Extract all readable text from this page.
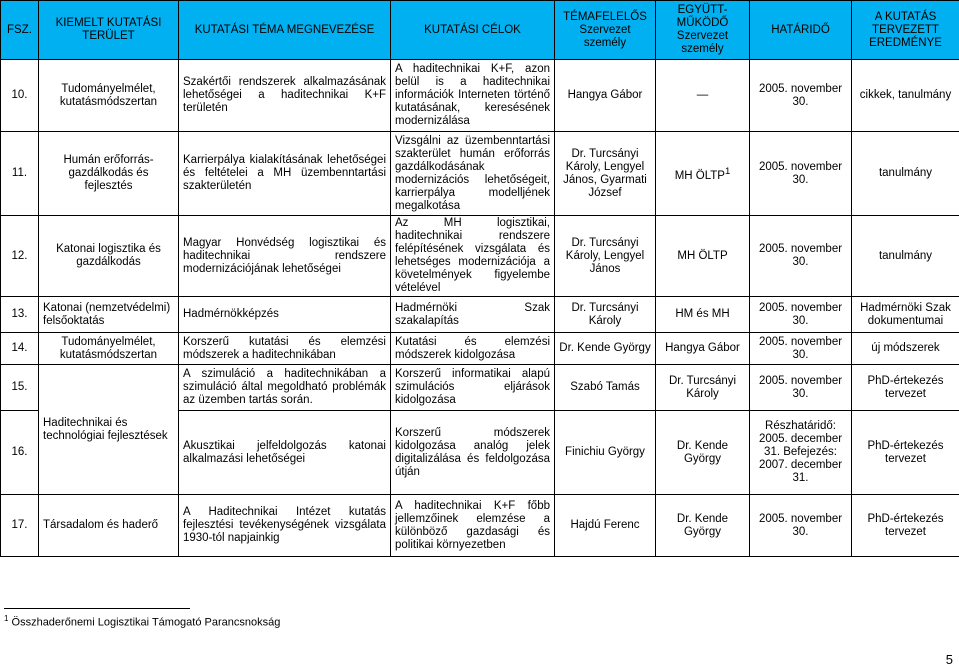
FSZ.	KIEMELT KUTATÁSI TERÜLET	KUTATÁSI TÉMA MEGNEVEZÉSE	KUTATÁSI CÉLOK	TÉMAFELELŐS Szervezet személy	EGYÜTT-MŰKÖDŐ Szervezet személy	HATÁRIDŐ	A KUTATÁS TERVEZETT EREDMÉNYE
10.	Tudományelmélet, kutatásmódszertan	Szakértői rendszerek alkalmazásának lehetőségei a haditechnikai K+F területén	A haditechnikai K+F, azon belül is a haditechnikai információk Interneten történő kutatásának, keresésének modernizálása	Hangya Gábor	—	2005. november 30.	cikkek, tanulmány
11.	Humán erőforrás-gazdálkodás és fejlesztés	Karrierpálya kialakításának lehetőségei és feltételei a MH üzembenntartási szakterületén	Vizsgálni az üzembenntartási szakterület humán erőforrás gazdálkodásának modernizációs lehetőségeit, karrierpálya modelljének megalkotása	Dr. Turcsányi Károly, Lengyel János, Gyarmati József	MH ÖLTP$^1$	2005. november 30.	tanulmány
12.	Katonai logisztika és gazdálkodás	Magyar Honvédség logisztikai és haditechnikai rendszere modernizációjának lehetőségei	Az MH logisztikai, haditechnikai rendszere felépítésének vizsgálata és lehetséges modernizációja a követelmények figyelembe vételével	Dr. Turcsányi Károly, Lengyel János	MH ÖLTP	2005. november 30.	tanulmány
13.	Katonai (nemzetvédelmi) felsőoktatás	Hadmérnökképzés	Hadmérnöki Szak szakalapítás	Dr. Turcsányi Károly	HM és MH	2005. november 30.	Hadmérnöki Szak dokumentumai
14.	Tudományelmélet, kutatásmódszertan	Korszerű kutatási és elemzési módszerek a haditechnikában	Kutatási és elemzési módszerek kidolgozása	Dr. Kende György	Hangya Gábor	2005. november 30.	új módszerek
15.	Haditechnikai és technológiai fejlesztések	A szimuláció a haditechnikában a szimuláció által megoldható problémák az üzemben tartás során.	Korszerű informatikai alapú szimulációs eljárások kidolgozása	Szabó Tamás	Dr. Turcsányi Károly	2005. november 30.	PhD-értekezés tervezet
16.		Akusztikai jelfeldolgozás katonai alkalmazási lehetőségei	Korszerű módszerek kidolgozása analóg jelek digitalizálása és feldolgozása útján	Finichiu György	Dr. Kende György	Részhatáridő: 2005. december 31. Befejezés: 2007. december 31.	PhD-értekezés tervezet
17.	Társadalom és haderő	A Haditechnikai Intézet kutatás fejlesztési tevékenységének vizsgálata 1930-tól napjainkig	A haditechnikai K+F főbb jellemzőinek elemzése a különböző gazdasági és politikai környezetben	Hajdú Ferenc	Dr. Kende György	2005. november 30.	PhD-értekezés tervezet
$^1$ Összhaderőnemi Logisztikai Támogató Parancsnokság
5
